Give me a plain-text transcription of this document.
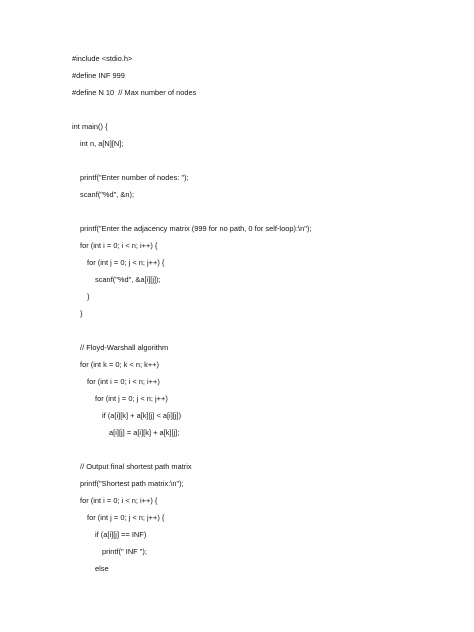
#include <stdio.h>
#define INF 999
#define N 10  // Max number of nodes
int main() {
int n, a[N][N];
printf("Enter number of nodes: ");
scanf("%d", &n);
printf("Enter the adjacency matrix (999 for no path, 0 for self-loop):\n");
for (int i = 0; i < n; i++) {
for (int j = 0; j < n; j++) {
scanf("%d", &a[i][j]);
}
}
// Floyd-Warshall algorithm
for (int k = 0; k < n; k++)
for (int i = 0; i < n; i++)
for (int j = 0; j < n; j++)
if (a[i][k] + a[k][j] < a[i][j])
a[i][j] = a[i][k] + a[k][j];
// Output final shortest path matrix
printf("Shortest path matrix:\n");
for (int i = 0; i < n; i++) {
for (int j = 0; j < n; j++) {
if (a[i][j] == INF)
printf(" INF ");
else
